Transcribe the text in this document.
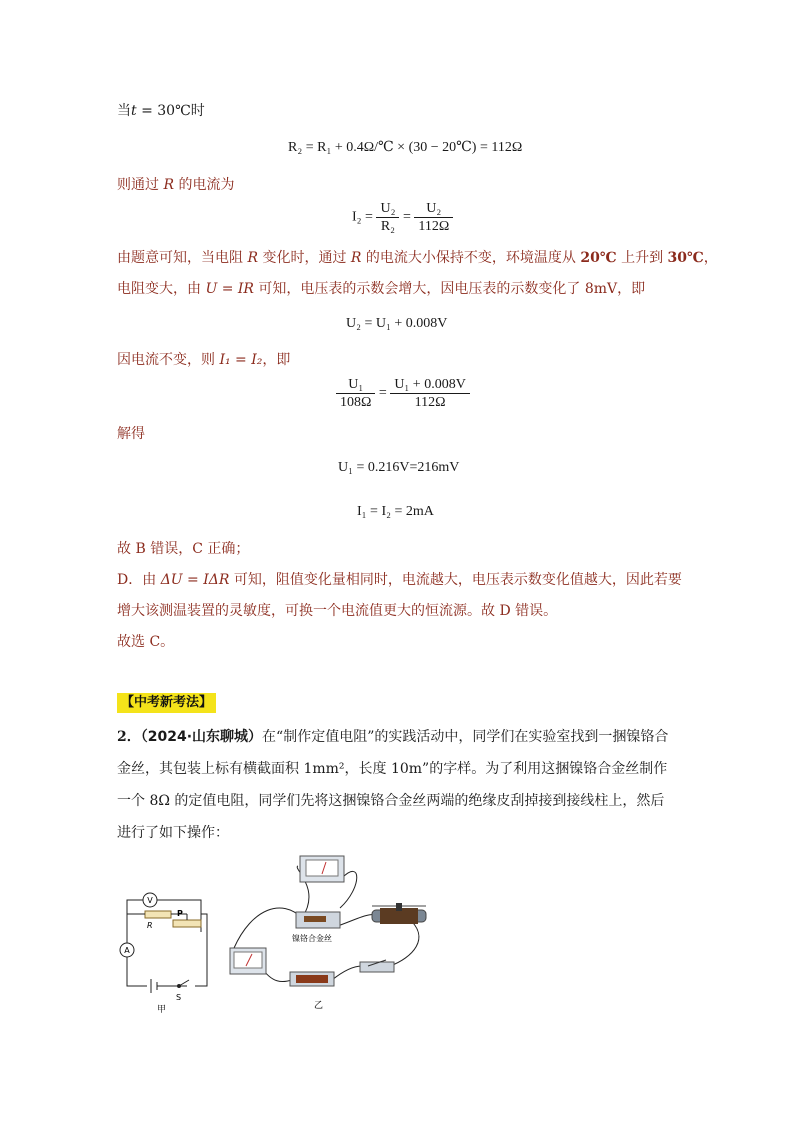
当t = 30℃时
R₂ = R₁ + 0.4Ω/℃ × (30 − 20℃) = 112Ω
则通过 R 的电流为
$I_2 = \frac{\text{U₂}}{\text{R₂}} = \frac{\text{U₂}}{112\Omega}$
由题意可知，当电阻 R 变化时，通过 R 的电流大小保持不变，环境温度从 20℃ 上升到 30℃，
电阻变大，由 U = IR 可知，电压表的示数会增大，因电压表的示数变化了 8mV，即
U₂ = U₁ + 0.008V
因电流不变，则 I₁ = I₂，即
$\frac{\text{U₁}}{108\Omega} = \frac{\text{U₁ + 0.008V}}{112\Omega}$
解得
U₁ = 0.216V=216mV
I₁ = I₂ = 2mA
故 B 错误，C 正确；
D．由 ΔU = IΔR 可知，阻值变化量相同时，电流越大，电压表示数变化值越大，因此若要
增大该测温装置的灵敏度，可换一个电流值更大的恒流源。故 D 错误。
故选 C。
【中考新考法】
2．（2024·山东聊城）在“制作定值电阻”的实践活动中，同学们在实验室找到一捆镍铬合金丝，其包装上标有横截面积 1mm²，长度 10m”的字样。为了利用这捆镍铬合金丝制作一个 8Ω 的定值电阻，同学们先将这捆镍铬合金丝两端的绝缘皮刮掉接到接线柱上，然后进行了如下操作：
V
A
R
P
S
甲
镍铬合金丝
乙
